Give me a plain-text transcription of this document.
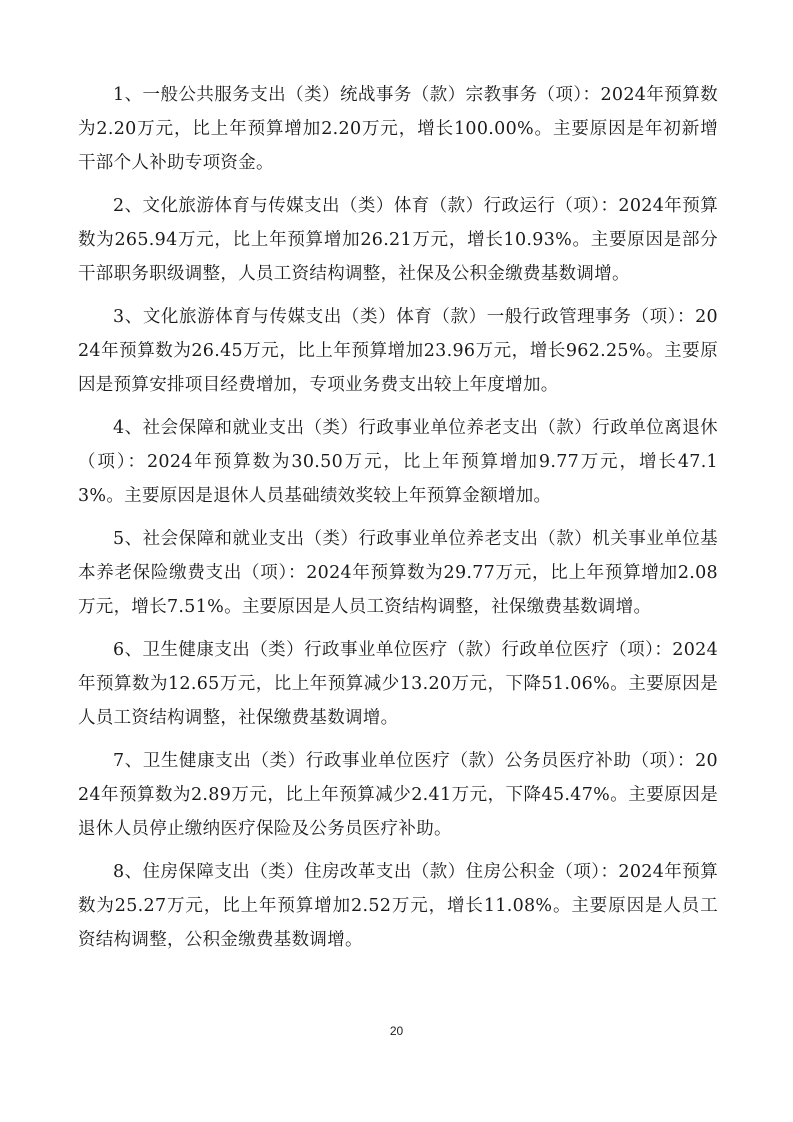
1、一般公共服务支出（类）统战事务（款）宗教事务（项）：2024年预算数为2.20万元，比上年预算增加2.20万元，增长100.00%。主要原因是年初新增干部个人补助专项资金。

2、文化旅游体育与传媒支出（类）体育（款）行政运行（项）：2024年预算数为265.94万元，比上年预算增加26.21万元，增长10.93%。主要原因是部分干部职务职级调整，人员工资结构调整，社保及公积金缴费基数调增。

3、文化旅游体育与传媒支出（类）体育（款）一般行政管理事务（项）：2024年预算数为26.45万元，比上年预算增加23.96万元，增长962.25%。主要原因是预算安排项目经费增加，专项业务费支出较上年度增加。

4、社会保障和就业支出（类）行政事业单位养老支出（款）行政单位离退休（项）：2024年预算数为30.50万元，比上年预算增加9.77万元，增长47.13%。主要原因是退休人员基础绩效奖较上年预算金额增加。

5、社会保障和就业支出（类）行政事业单位养老支出（款）机关事业单位基本养老保险缴费支出（项）：2024年预算数为29.77万元，比上年预算增加2.08万元，增长7.51%。主要原因是人员工资结构调整，社保缴费基数调增。

6、卫生健康支出（类）行政事业单位医疗（款）行政单位医疗（项）：2024年预算数为12.65万元，比上年预算减少13.20万元，下降51.06%。主要原因是人员工资结构调整，社保缴费基数调增。

7、卫生健康支出（类）行政事业单位医疗（款）公务员医疗补助（项）：2024年预算数为2.89万元，比上年预算减少2.41万元，下降45.47%。主要原因是退休人员停止缴纳医疗保险及公务员医疗补助。

8、住房保障支出（类）住房改革支出（款）住房公积金（项）：2024年预算数为25.27万元，比上年预算增加2.52万元，增长11.08%。主要原因是人员工资结构调整，公积金缴费基数调增。

20
